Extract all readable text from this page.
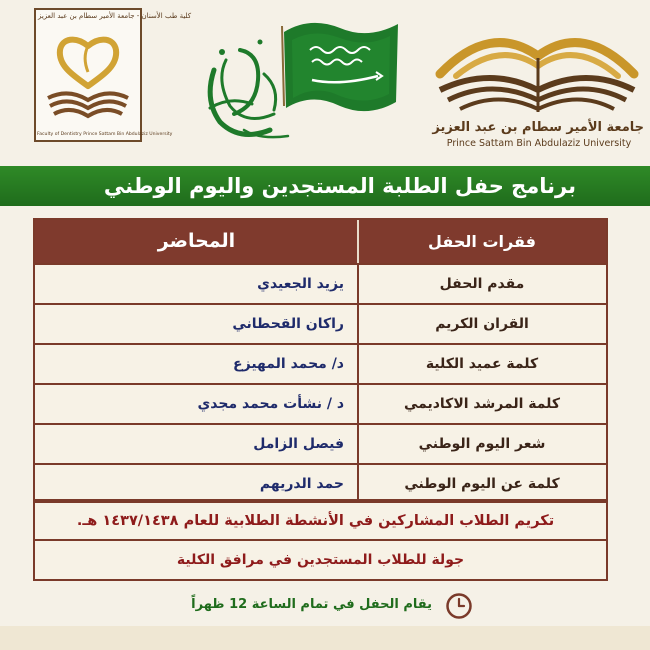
كلية طب الأسنان - جامعة الأمير سطام بن عبد العزيز
Faculty of Dentistry Prince Sattam Bin Abdulaziz University	جامعة الأمير سطام بن عبد العزيز
Prince Sattam Bin Abdulaziz University
برنامج حفل الطلبة المستجدين واليوم الوطني
فقرات الحفل
المحاضر
مقدم الحفل
يزيد الجعيدي
القران الكريم
راكان القحطاني
كلمة عميد الكلية
د/ محمد المهيزع
كلمة المرشد الاكاديمي
د / نشأت محمد مجدي
شعر اليوم الوطني
فيصل الزامل
كلمة عن اليوم الوطني
حمد الدريهم
تكريم الطلاب المشاركين في الأنشطة الطلابية للعام ١٤٣٧/١٤٣٨ هـ.
جولة للطلاب المستجدين في مرافق الكلية
يقام الحفل في تمام الساعة 12 ظهراً
